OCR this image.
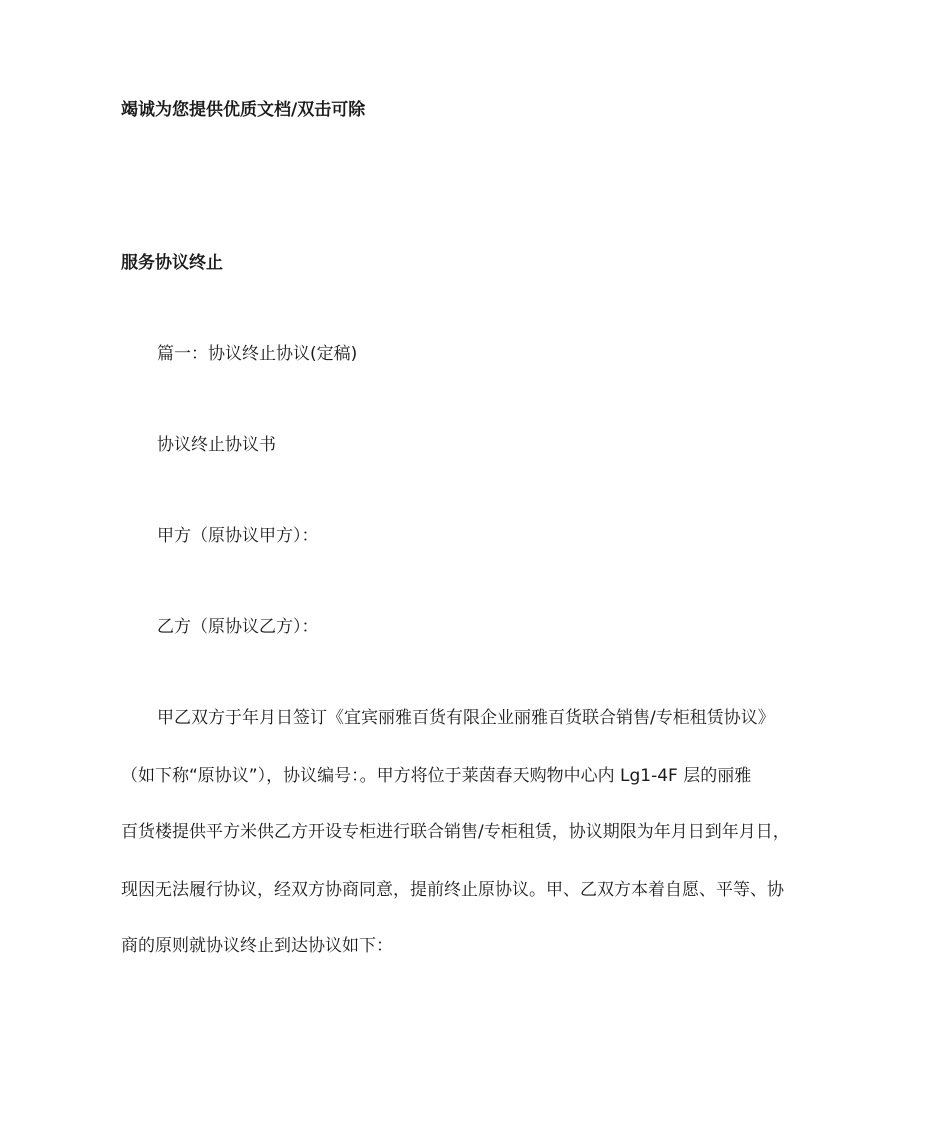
竭诚为您提供优质文档/双击可除
服务协议终止
篇一：协议终止协议(定稿)
协议终止协议书
甲方（原协议甲方）：
乙方（原协议乙方）：
甲乙双方于年月日签订《宜宾丽雅百货有限企业丽雅百货联合销售/专柜租赁协议》
（如下称“原协议”），协议编号：。甲方将位于莱茵春天购物中心内 Lg1-4F 层的丽雅
百货楼提供平方米供乙方开设专柜进行联合销售/专柜租赁，协议期限为年月日到年月日，
现因无法履行协议，经双方协商同意，提前终止原协议。甲、乙双方本着自愿、平等、协
商的原则就协议终止到达协议如下：
